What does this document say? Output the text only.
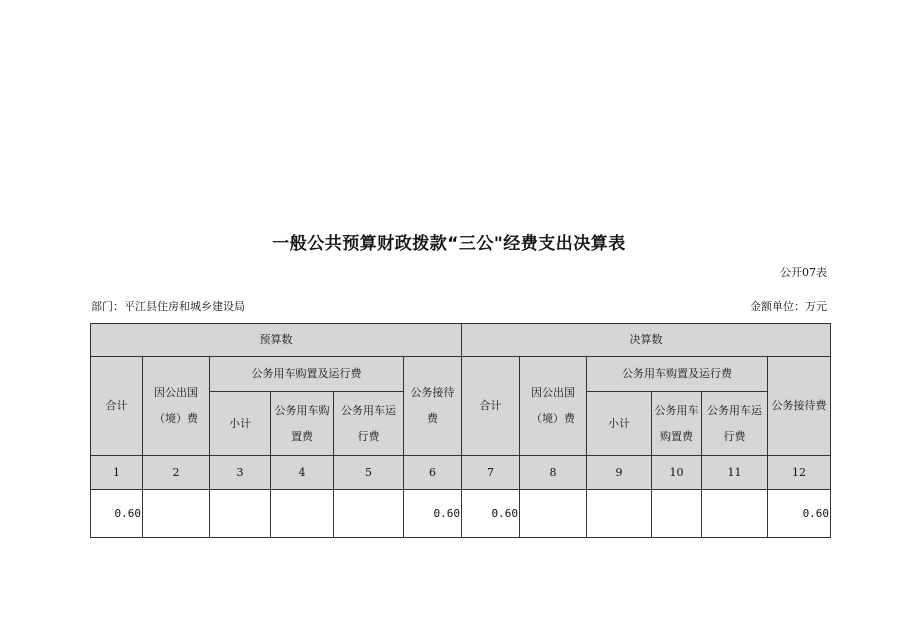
一般公共预算财政拨款“三公"经费支出决算表
公开07表
部门：平江县住房和城乡建设局	金额单位：万元
预算数						决算数					
合计	因公出国（境）费	公务用车购置及运行费			公务接待费	合计	因公出国（境）费	公务用车购置及运行费			公务接待费
		小计	公务用车购置费	公务用车运行费				小计	公务用车购置费	公务用车运行费	
1	2	3	4	5	6	7	8	9	10	11	12
0.60					0.60	0.60					0.60
